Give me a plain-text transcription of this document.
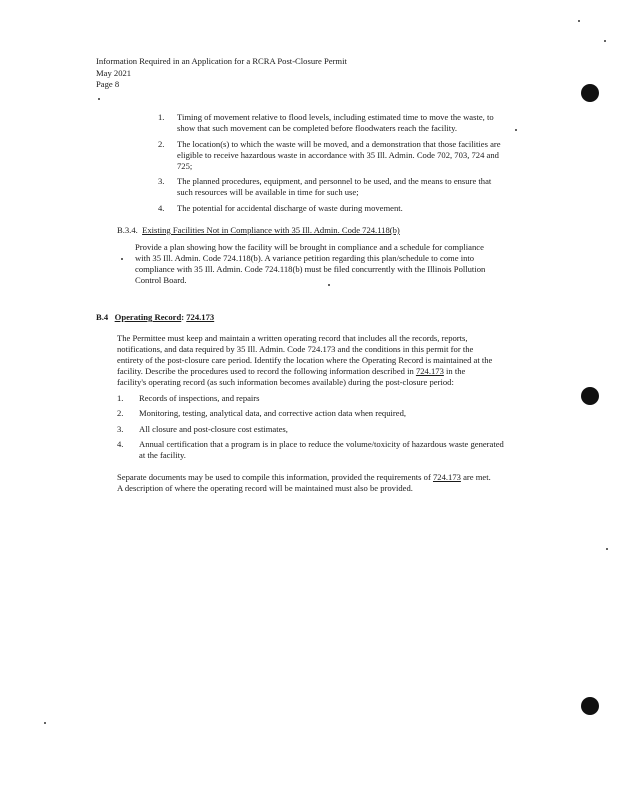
Information Required in an Application for a RCRA Post-Closure Permit
May 2021
Page 8
1. Timing of movement relative to flood levels, including estimated time to move the waste, to
show that such movement can be completed before floodwaters reach the facility.
2. The location(s) to which the waste will be moved, and a demonstration that those facilities are
eligible to receive hazardous waste in accordance with 35 Ill. Admin. Code 702, 703, 724 and
725;
3. The planned procedures, equipment, and personnel to be used, and the means to ensure that
such resources will be available in time for such use;
4. The potential for accidental discharge of waste during movement.
B.3.4. Existing Facilities Not in Compliance with 35 Ill. Admin. Code 724.118(b)
Provide a plan showing how the facility will be brought in compliance and a schedule for compliance
with 35 Ill. Admin. Code 724.118(b). A variance petition regarding this plan/schedule to come into
compliance with 35 Ill. Admin. Code 724.118(b) must be filed concurrently with the Illinois Pollution
Control Board.
B.4 Operating Record: 724.173
The Permittee must keep and maintain a written operating record that includes all the records, reports,
notifications, and data required by 35 Ill. Admin. Code 724.173 and the conditions in this permit for the
entirety of the post-closure care period. Identify the location where the Operating Record is maintained at the
facility. Describe the procedures used to record the following information described in 724.173 in the
facility's operating record (as such information becomes available) during the post-closure period:
1. Records of inspections, and repairs
2. Monitoring, testing, analytical data, and corrective action data when required,
3. All closure and post-closure cost estimates,
4. Annual certification that a program is in place to reduce the volume/toxicity of hazardous waste generated
at the facility.
Separate documents may be used to compile this information, provided the requirements of 724.173 are met.
A description of where the operating record will be maintained must also be provided.
